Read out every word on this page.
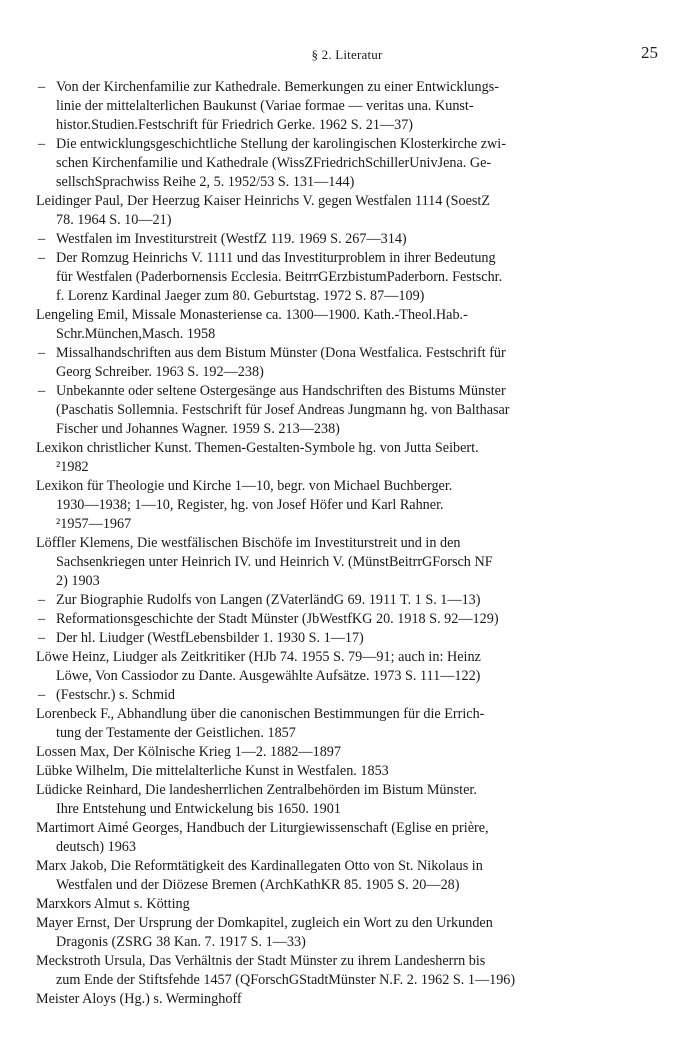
§ 2. Literatur	25
– Von der Kirchenfamilie zur Kathedrale. Bemerkungen zu einer Entwicklungs-
linie der mittelalterlichen Baukunst (Variae formae — veritas una. Kunst-
histor.Studien.Festschrift für Friedrich Gerke. 1962 S. 21—37)
– Die entwicklungsgeschichtliche Stellung der karolingischen Klosterkirche zwi-
schen Kirchenfamilie und Kathedrale (WissZFriedrichSchillerUnivJena. Ge-
sellschSprachwiss Reihe 2, 5. 1952/53 S. 131—144)
Leidinger Paul, Der Heerzug Kaiser Heinrichs V. gegen Westfalen 1114 (SoestZ
78. 1964 S. 10—21)
– Westfalen im Investiturstreit (WestfZ 119. 1969 S. 267—314)
– Der Romzug Heinrichs V. 1111 und das Investiturproblem in ihrer Bedeutung
für Westfalen (Paderbornensis Ecclesia. BeitrrGErzbistumPaderborn. Festschr.
f. Lorenz Kardinal Jaeger zum 80. Geburtstag. 1972 S. 87—109)
Lengeling Emil, Missale Monasteriense ca. 1300—1900. Kath.-Theol.Hab.-
Schr.München,Masch. 1958
– Missalhandschriften aus dem Bistum Münster (Dona Westfalica. Festschrift für
Georg Schreiber. 1963 S. 192—238)
– Unbekannte oder seltene Ostergesänge aus Handschriften des Bistums Münster
(Paschatis Sollemnia. Festschrift für Josef Andreas Jungmann hg. von Balthasar
Fischer und Johannes Wagner. 1959 S. 213—238)
Lexikon christlicher Kunst. Themen-Gestalten-Symbole hg. von Jutta Seibert.
²1982
Lexikon für Theologie und Kirche 1—10, begr. von Michael Buchberger.
1930—1938; 1—10, Register, hg. von Josef Höfer und Karl Rahner.
²1957—1967
Löffler Klemens, Die westfälischen Bischöfe im Investiturstreit und in den
Sachsenkriegen unter Heinrich IV. und Heinrich V. (MünstBeitrrGForsch NF
2) 1903
– Zur Biographie Rudolfs von Langen (ZVaterländG 69. 1911 T. 1 S. 1—13)
– Reformationsgeschichte der Stadt Münster (JbWestfKG 20. 1918 S. 92—129)
– Der hl. Liudger (WestfLebensbilder 1. 1930 S. 1—17)
Löwe Heinz, Liudger als Zeitkritiker (HJb 74. 1955 S. 79—91; auch in: Heinz
Löwe, Von Cassiodor zu Dante. Ausgewählte Aufsätze. 1973 S. 111—122)
– (Festschr.) s. Schmid
Lorenbeck F., Abhandlung über die canonischen Bestimmungen für die Errich-
tung der Testamente der Geistlichen. 1857
Lossen Max, Der Kölnische Krieg 1—2. 1882—1897
Lübke Wilhelm, Die mittelalterliche Kunst in Westfalen. 1853
Lüdicke Reinhard, Die landesherrlichen Zentralbehörden im Bistum Münster.
Ihre Entstehung und Entwickelung bis 1650. 1901
Martimort Aimé Georges, Handbuch der Liturgiewissenschaft (Eglise en prière,
deutsch) 1963
Marx Jakob, Die Reformtätigkeit des Kardinallegaten Otto von St. Nikolaus in
Westfalen und der Diözese Bremen (ArchKathKR 85. 1905 S. 20—28)
Marxkors Almut s. Kötting
Mayer Ernst, Der Ursprung der Domkapitel, zugleich ein Wort zu den Urkunden
Dragonis (ZSRG 38 Kan. 7. 1917 S. 1—33)
Meckstroth Ursula, Das Verhältnis der Stadt Münster zu ihrem Landesherrn bis
zum Ende der Stiftsfehde 1457 (QForschGStadtMünster N.F. 2. 1962 S. 1—196)
Meister Aloys (Hg.) s. Werminghoff
